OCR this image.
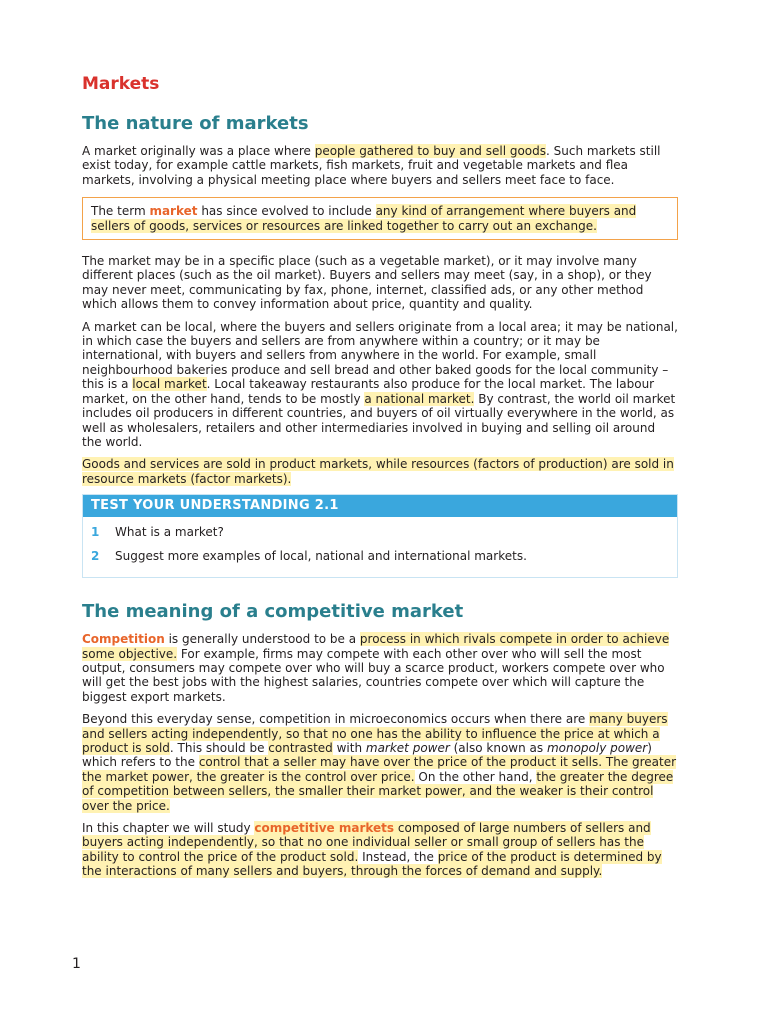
Markets
The nature of markets

A market originally was a place where people gathered to buy and sell goods. Such markets still exist today, for example cattle markets, fish markets, fruit and vegetable markets and flea markets, involving a physical meeting place where buyers and sellers meet face to face.

The term market has since evolved to include any kind of arrangement where buyers and sellers of goods, services or resources are linked together to carry out an exchange.

The market may be in a specific place (such as a vegetable market), or it may involve many different places (such as the oil market). Buyers and sellers may meet (say, in a shop), or they may never meet, communicating by fax, phone, internet, classified ads, or any other method which allows them to convey information about price, quantity and quality.

A market can be local, where the buyers and sellers originate from a local area; it may be national, in which case the buyers and sellers are from anywhere within a country; or it may be international, with buyers and sellers from anywhere in the world. For example, small neighbourhood bakeries produce and sell bread and other baked goods for the local community – this is a local market. Local takeaway restaurants also produce for the local market. The labour market, on the other hand, tends to be mostly a national market. By contrast, the world oil market includes oil producers in different countries, and buyers of oil virtually everywhere in the world, as well as wholesalers, retailers and other intermediaries involved in buying and selling oil around the world.

Goods and services are sold in product markets, while resources (factors of production) are sold in resource markets (factor markets).

TEST YOUR UNDERSTANDING 2.1
1	What is a market?
2	Suggest more examples of local, national and international markets.
The meaning of a competitive market

Competition is generally understood to be a process in which rivals compete in order to achieve some objective. For example, firms may compete with each other over who will sell the most output, consumers may compete over who will buy a scarce product, workers compete over who will get the best jobs with the highest salaries, countries compete over which will capture the biggest export markets.

Beyond this everyday sense, competition in microeconomics occurs when there are many buyers and sellers acting independently, so that no one has the ability to influence the price at which a product is sold. This should be contrasted with market power (also known as monopoly power) which refers to the control that a seller may have over the price of the product it sells. The greater the market power, the greater is the control over price. On the other hand, the greater the degree of competition between sellers, the smaller their market power, and the weaker is their control over the price.

In this chapter we will study competitive markets composed of large numbers of sellers and buyers acting independently, so that no one individual seller or small group of sellers has the ability to control the price of the product sold. Instead, the price of the product is determined by the interactions of many sellers and buyers, through the forces of demand and supply.

1
